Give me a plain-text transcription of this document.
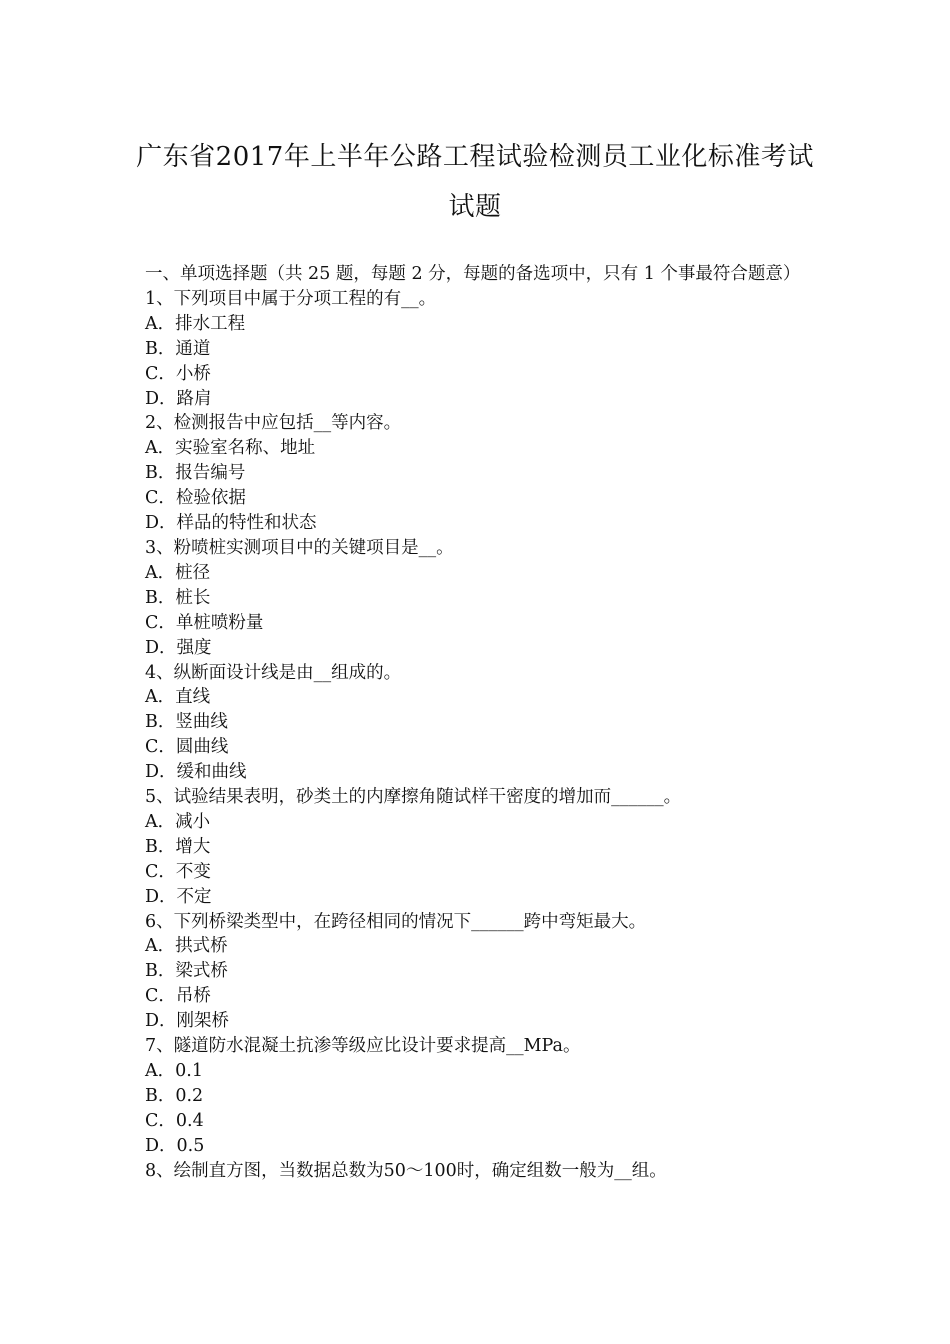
广东省2017年上半年公路工程试验检测员工业化标准考试
试题
一、单项选择题（共 25 题，每题 2 分，每题的备选项中，只有 1 个事最符合题意）
1、下列项目中属于分项工程的有__。
A．排水工程
B．通道
C．小桥
D．路肩
2、检测报告中应包括__等内容。
A．实验室名称、地址
B．报告编号
C．检验依据
D．样品的特性和状态
3、粉喷桩实测项目中的关键项目是__。
A．桩径
B．桩长
C．单桩喷粉量
D．强度
4、纵断面设计线是由__组成的。
A．直线
B．竖曲线
C．圆曲线
D．缓和曲线
5、试验结果表明，砂类土的内摩擦角随试样干密度的增加而______。
A．减小
B．增大
C．不变
D．不定
6、下列桥梁类型中，在跨径相同的情况下______跨中弯矩最大。
A．拱式桥
B．梁式桥
C．吊桥
D．刚架桥
7、隧道防水混凝土抗渗等级应比设计要求提高__MPa。
A．0.1
B．0.2
C．0.4
D．0.5
8、绘制直方图，当数据总数为50～100时，确定组数一般为__组。
